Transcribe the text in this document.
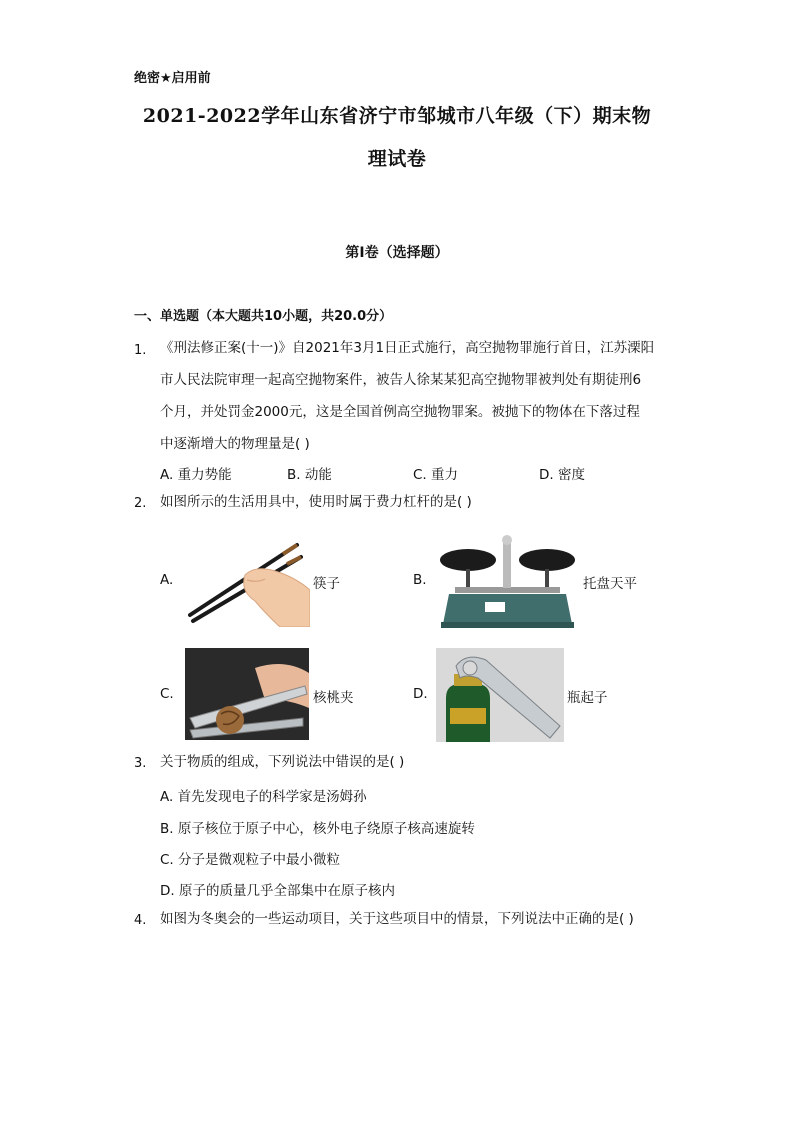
绝密★启用前
2021-2022学年山东省济宁市邹城市八年级（下）期末物
理试卷
第I卷（选择题）
一、单选题（本大题共10小题，共20.0分）
1. 《刑法修正案(十一)》自2021年3月1日正式施行，高空抛物罪施行首日，江苏溧阳
市人民法院审理一起高空抛物案件，被告人徐某某犯高空抛物罪被判处有期徒刑6
个月，并处罚金2000元，这是全国首例高空抛物罪案。被抛下的物体在下落过程
中逐渐增大的物理量是( )
A. 重力势能	B. 动能	C. 重力	D. 密度
2. 如图所示的生活用具中，使用时属于费力杠杆的是( )
A.	筷子	B.	托盘天平
C.	核桃夹	D.	瓶起子
3. 关于物质的组成，下列说法中错误的是( )
A. 首先发现电子的科学家是汤姆孙
B. 原子核位于原子中心，核外电子绕原子核高速旋转
C. 分子是微观粒子中最小微粒
D. 原子的质量几乎全部集中在原子核内
4. 如图为冬奥会的一些运动项目，关于这些项目中的情景，下列说法中正确的是( )
